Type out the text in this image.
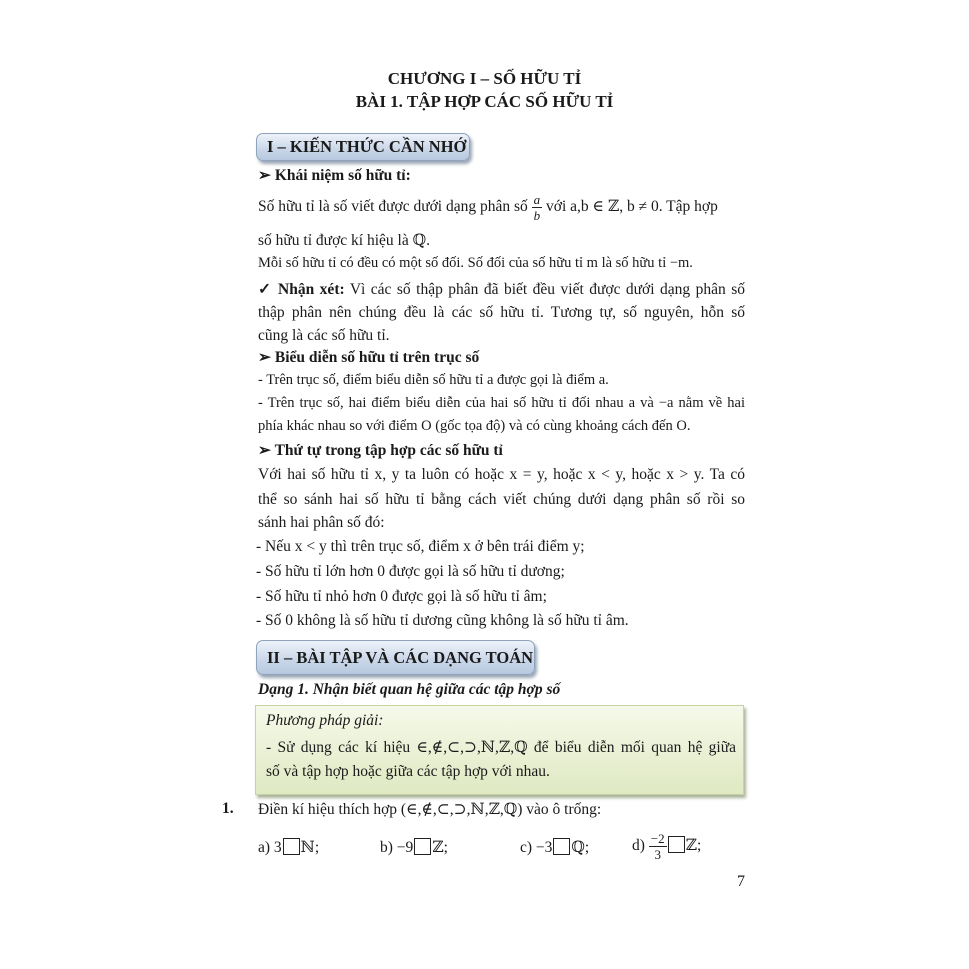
CHƯƠNG I – SỐ HỮU TỈ
BÀI 1. TẬP HỢP CÁC SỐ HỮU TỈ
I – KIẾN THỨC CẦN NHỚ
➢ Khái niệm số hữu tỉ:
Số hữu tỉ là số viết được dưới dạng phân số $\frac{a}{b}$ với a,b ∈ ℤ, b ≠ 0. Tập hợp
số hữu tỉ được kí hiệu là ℚ.
Mỗi số hữu tỉ có đều có một số đối. Số đối của số hữu tỉ m là số hữu tỉ −m.
✓ Nhận xét: Vì các số thập phân đã biết đều viết được dưới dạng phân số
thập phân nên chúng đều là các số hữu tỉ. Tương tự, số nguyên, hỗn số
cũng là các số hữu tỉ.
➢ Biểu diễn số hữu tỉ trên trục số
- Trên trục số, điểm biểu diễn số hữu tỉ a được gọi là điểm a.
- Trên trục số, hai điểm biểu diễn của hai số hữu tỉ đối nhau a và −a nằm về hai
phía khác nhau so với điểm O (gốc tọa độ) và có cùng khoảng cách đến O.
➢ Thứ tự trong tập hợp các số hữu tỉ
Với hai số hữu tỉ x, y ta luôn có hoặc x = y, hoặc x < y, hoặc x > y. Ta có
thể so sánh hai số hữu tỉ bằng cách viết chúng dưới dạng phân số rồi so
sánh hai phân số đó:
- Nếu x < y thì trên trục số, điểm x ở bên trái điểm y;
- Số hữu tỉ lớn hơn 0 được gọi là số hữu tỉ dương;
- Số hữu tỉ nhỏ hơn 0 được gọi là số hữu tỉ âm;
- Số 0 không là số hữu tỉ dương cũng không là số hữu tỉ âm.
II – BÀI TẬP VÀ CÁC DẠNG TOÁN
Dạng 1. Nhận biết quan hệ giữa các tập hợp số
Phương pháp giải:
- Sử dụng các kí hiệu ∈,∉,⊂,⊃,ℕ,ℤ,ℚ để biểu diễn mối quan hệ giữa
số và tập hợp hoặc giữa các tập hợp với nhau.
1. Điền kí hiệu thích hợp (∈,∉,⊂,⊃,ℕ,ℤ,ℚ) vào ô trống:
a) 3 ℕ;	b) −9 ℤ;	c) −3 ℚ;	$d) \frac{-2}{3}$ ℤ;
7
